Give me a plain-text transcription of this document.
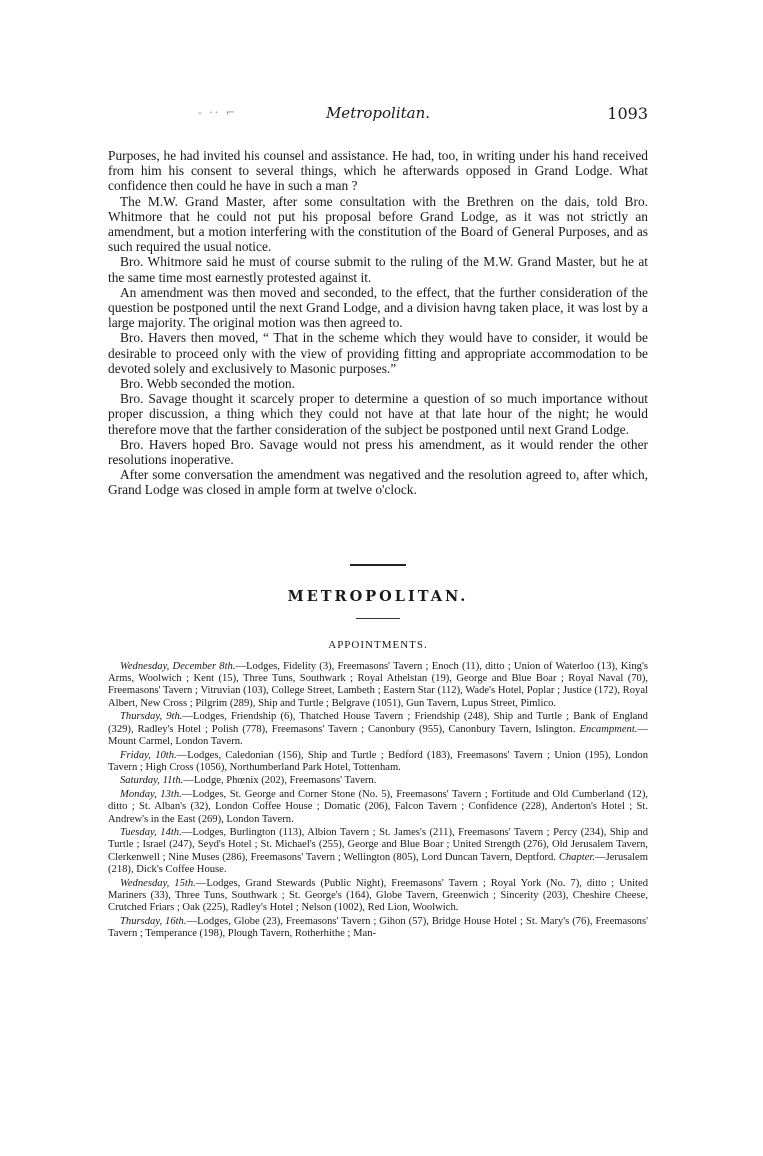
- ·· ⌐	Metropolitan.	1093

Purposes, he had invited his counsel and assistance. He had, too, in writing under his hand received from him his consent to several things, which he afterwards opposed in Grand Lodge. What confidence then could he have in such a man ?

The M.W. Grand Master, after some consultation with the Brethren on the dais, told Bro. Whitmore that he could not put his proposal before Grand Lodge, as it was not strictly an amendment, but a motion interfering with the constitution of the Board of General Purposes, and as such required the usual notice.

Bro. Whitmore said he must of course submit to the ruling of the M.W. Grand Master, but he at the same time most earnestly protested against it.

An amendment was then moved and seconded, to the effect, that the further consideration of the question be postponed until the next Grand Lodge, and a division havng taken place, it was lost by a large majority. The original motion was then agreed to.

Bro. Havers then moved, “ That in the scheme which they would have to consider, it would be desirable to proceed only with the view of providing fitting and appropriate accommodation to be devoted solely and exclusively to Masonic purposes.”

Bro. Webb seconded the motion.

Bro. Savage thought it scarcely proper to determine a question of so much importance without proper discussion, a thing which they could not have at that late hour of the night; he would therefore move that the farther consideration of the subject be postponed until next Grand Lodge.

Bro. Havers hoped Bro. Savage would not press his amendment, as it would render the other resolutions inoperative.

After some conversation the amendment was negatived and the resolution agreed to, after which, Grand Lodge was closed in ample form at twelve o'clock.

METROPOLITAN.
APPOINTMENTS.

Wednesday, December 8th.—Lodges, Fidelity (3), Freemasons' Tavern ; Enoch (11), ditto ; Union of Waterloo (13), King's Arms, Woolwich ; Kent (15), Three Tuns, Southwark ; Royal Athelstan (19), George and Blue Boar ; Royal Naval (70), Freemasons' Tavern ; Vitruvian (103), College Street, Lambeth ; Eastern Star (112), Wade's Hotel, Poplar ; Justice (172), Royal Albert, New Cross ; Pilgrim (289), Ship and Turtle ; Belgrave (1051), Gun Tavern, Lupus Street, Pimlico.

Thursday, 9th.—Lodges, Friendship (6), Thatched House Tavern ; Friendship (248), Ship and Turtle ; Bank of England (329), Radley's Hotel ; Polish (778), Freemasons' Tavern ; Canonbury (955), Canonbury Tavern, Islington. Encampment.—Mount Carmel, London Tavern.

Friday, 10th.—Lodges, Caledonian (156), Ship and Turtle ; Bedford (183), Freemasons' Tavern ; Union (195), London Tavern ; High Cross (1056), Northumberland Park Hotel, Tottenham.

Saturday, 11th.—Lodge, Phœnix (202), Freemasons' Tavern.

Monday, 13th.—Lodges, St. George and Corner Stone (No. 5), Freemasons' Tavern ; Fortitude and Old Cumberland (12), ditto ; St. Alban's (32), London Coffee House ; Domatic (206), Falcon Tavern ; Confidence (228), Anderton's Hotel ; St. Andrew's in the East (269), London Tavern.

Tuesday, 14th.—Lodges, Burlington (113), Albion Tavern ; St. James's (211), Freemasons' Tavern ; Percy (234), Ship and Turtle ; Israel (247), Seyd's Hotel ; St. Michael's (255), George and Blue Boar ; United Strength (276), Old Jerusalem Tavern, Clerkenwell ; Nine Muses (286), Freemasons' Tavern ; Wellington (805), Lord Duncan Tavern, Deptford. Chapter.—Jerusalem (218), Dick's Coffee House.

Wednesday, 15th.—Lodges, Grand Stewards (Public Night), Freemasons' Tavern ; Royal York (No. 7), ditto ; United Mariners (33), Three Tuns, Southwark ; St. George's (164), Globe Tavern, Greenwich ; Sincerity (203), Cheshire Cheese, Crutched Friars ; Oak (225), Radley's Hotel ; Nelson (1002), Red Lion, Woolwich.

Thursday, 16th.—Lodges, Globe (23), Freemasons' Tavern ; Gihon (57), Bridge House Hotel ; St. Mary's (76), Freemasons' Tavern ; Temperance (198), Plough Tavern, Rotherhithe ; Man-
